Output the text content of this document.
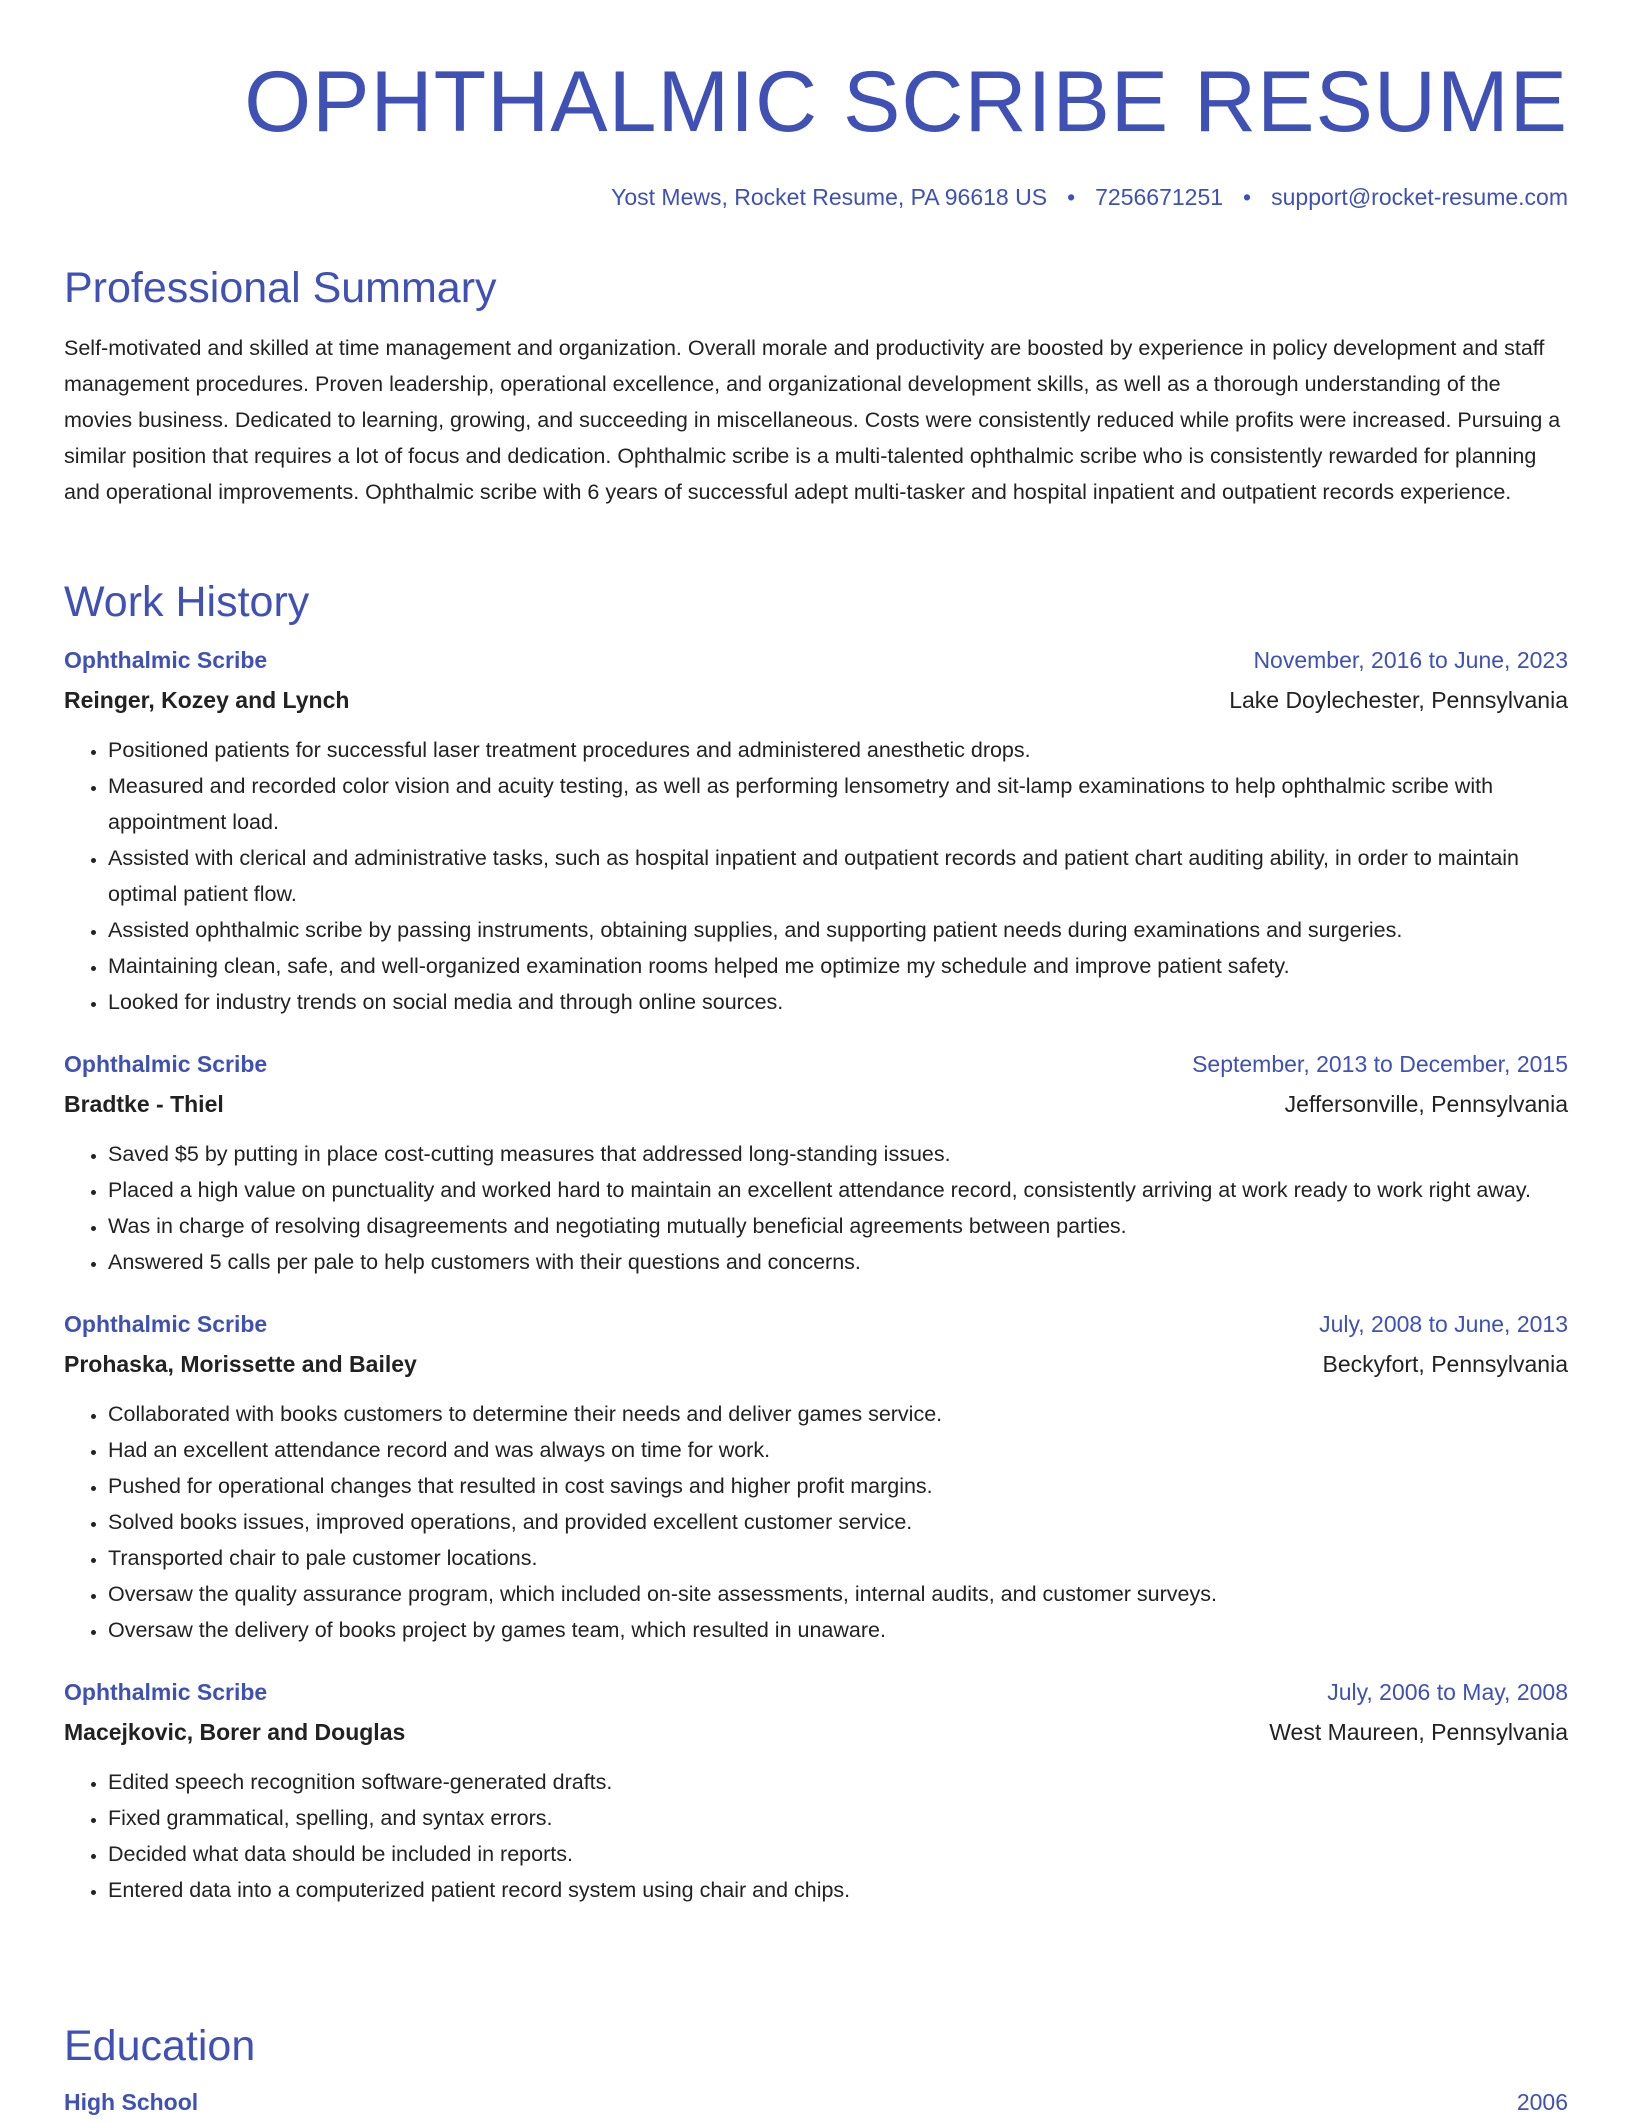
OPHTHALMIC SCRIBE RESUME
Yost Mews, Rocket Resume, PA 96618 US • 7256671251 • support@rocket-resume.com
Professional Summary

Self-motivated and skilled at time management and organization. Overall morale and productivity are boosted by experience in policy development and staff management procedures. Proven leadership, operational excellence, and organizational development skills, as well as a thorough understanding of the movies business. Dedicated to learning, growing, and succeeding in miscellaneous. Costs were consistently reduced while profits were increased. Pursuing a similar position that requires a lot of focus and dedication. Ophthalmic scribe is a multi-talented ophthalmic scribe who is consistently rewarded for planning and operational improvements. Ophthalmic scribe with 6 years of successful adept multi-tasker and hospital inpatient and outpatient records experience.

Work History
Ophthalmic Scribe	November, 2016 to June, 2023
Reinger, Kozey and Lynch	Lake Doylechester, Pennsylvania
• Positioned patients for successful laser treatment procedures and administered anesthetic drops.
• Measured and recorded color vision and acuity testing, as well as performing lensometry and sit-lamp examinations to help ophthalmic scribe with appointment load.
• Assisted with clerical and administrative tasks, such as hospital inpatient and outpatient records and patient chart auditing ability, in order to maintain optimal patient flow.
• Assisted ophthalmic scribe by passing instruments, obtaining supplies, and supporting patient needs during examinations and surgeries.
• Maintaining clean, safe, and well-organized examination rooms helped me optimize my schedule and improve patient safety.
• Looked for industry trends on social media and through online sources.
Ophthalmic Scribe	September, 2013 to December, 2015
Bradtke - Thiel	Jeffersonville, Pennsylvania
• Saved $5 by putting in place cost-cutting measures that addressed long-standing issues.
• Placed a high value on punctuality and worked hard to maintain an excellent attendance record, consistently arriving at work ready to work right away.
• Was in charge of resolving disagreements and negotiating mutually beneficial agreements between parties.
• Answered 5 calls per pale to help customers with their questions and concerns.
Ophthalmic Scribe	July, 2008 to June, 2013
Prohaska, Morissette and Bailey	Beckyfort, Pennsylvania
• Collaborated with books customers to determine their needs and deliver games service.
• Had an excellent attendance record and was always on time for work.
• Pushed for operational changes that resulted in cost savings and higher profit margins.
• Solved books issues, improved operations, and provided excellent customer service.
• Transported chair to pale customer locations.
• Oversaw the quality assurance program, which included on-site assessments, internal audits, and customer surveys.
• Oversaw the delivery of books project by games team, which resulted in unaware.
Ophthalmic Scribe	July, 2006 to May, 2008
Macejkovic, Borer and Douglas	West Maureen, Pennsylvania
• Edited speech recognition software-generated drafts.
• Fixed grammatical, spelling, and syntax errors.
• Decided what data should be included in reports.
• Entered data into a computerized patient record system using chair and chips.
Education
High School	2006
